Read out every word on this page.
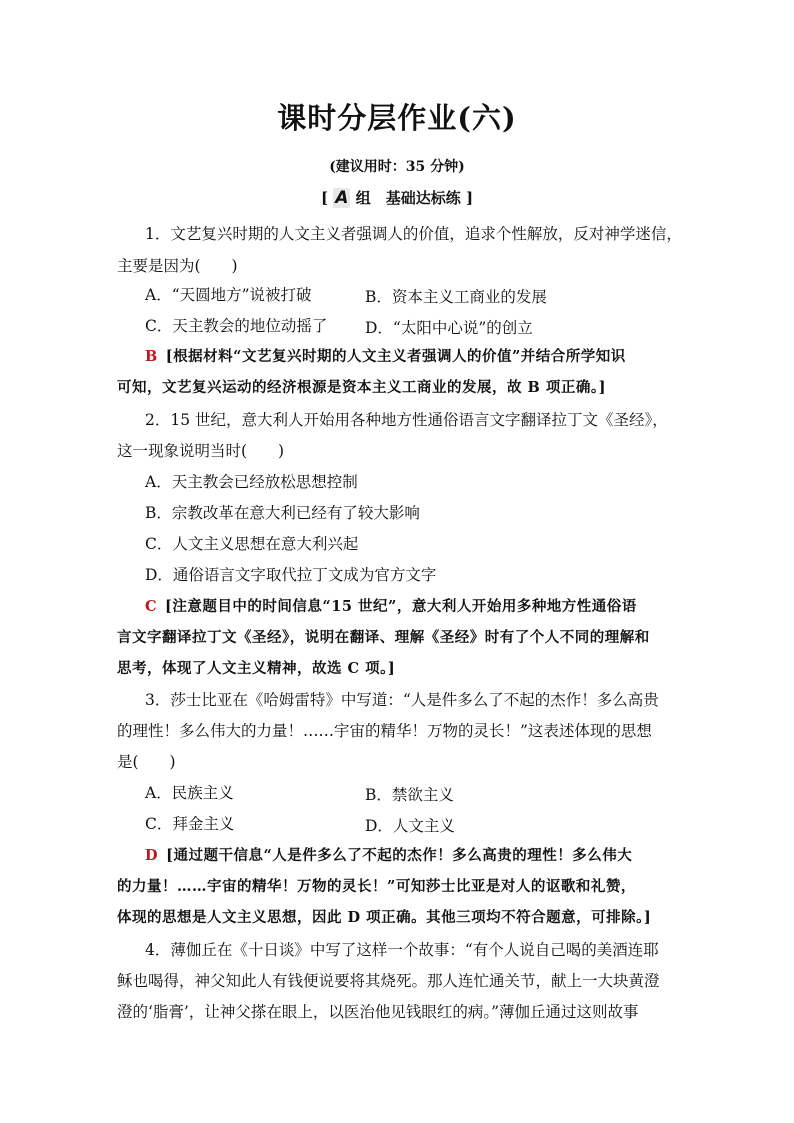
课时分层作业(六)
(建议用时：35 分钟)
[ A 组　基础达标练 ]
1．文艺复兴时期的人文主义者强调人的价值，追求个性解放，反对神学迷信，
主要是因为(　　)
A．“天圆地方”说被打破	B．资本主义工商业的发展
C．天主教会的地位动摇了	D．“太阳中心说”的创立
B [根据材料“文艺复兴时期的人文主义者强调人的价值”并结合所学知识
可知，文艺复兴运动的经济根源是资本主义工商业的发展，故 B 项正确。]
2．15 世纪，意大利人开始用各种地方性通俗语言文字翻译拉丁文《圣经》，
这一现象说明当时(　　)
A．天主教会已经放松思想控制
B．宗教改革在意大利已经有了较大影响
C．人文主义思想在意大利兴起
D．通俗语言文字取代拉丁文成为官方文字
C [注意题目中的时间信息“15 世纪”，意大利人开始用多种地方性通俗语
言文字翻译拉丁文《圣经》，说明在翻译、理解《圣经》时有了个人不同的理解和
思考，体现了人文主义精神，故选 C 项。]
3．莎士比亚在《哈姆雷特》中写道：“人是件多么了不起的杰作！多么高贵
的理性！多么伟大的力量！……宇宙的精华！万物的灵长！”这表述体现的思想
是(　　)
A．民族主义	B．禁欲主义
C．拜金主义	D．人文主义
D [通过题干信息“人是件多么了不起的杰作！多么高贵的理性！多么伟大
的力量！……宇宙的精华！万物的灵长！”可知莎士比亚是对人的讴歌和礼赞，
体现的思想是人文主义思想，因此 D 项正确。其他三项均不符合题意，可排除。]
4．薄伽丘在《十日谈》中写了这样一个故事：“有个人说自己喝的美酒连耶
稣也喝得，神父知此人有钱便说要将其烧死。那人连忙通关节，献上一大块黄澄
澄的‘脂膏’，让神父搽在眼上，以医治他见钱眼红的病。”薄伽丘通过这则故事
